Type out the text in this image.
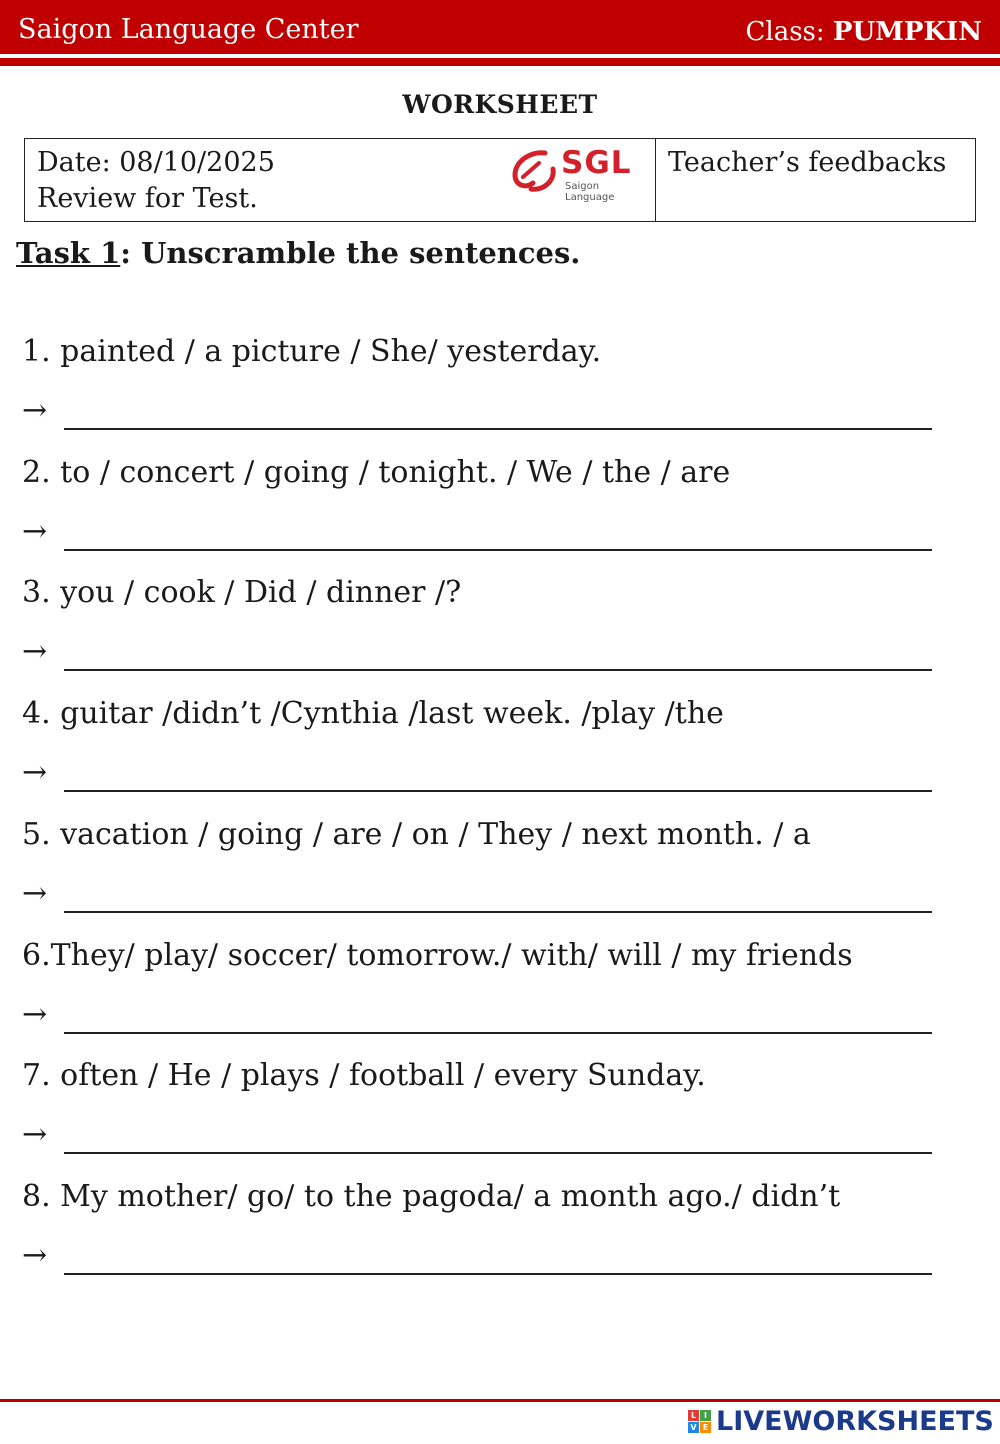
Saigon Language Center	Class: PUMPKIN
WORKSHEET
Date: 08/10/2025
Review for Test.
SGL
Saigon Language
Teacher’s feedbacks
Task 1: Unscramble the sentences.
1. painted / a picture / She/ yesterday.
→
2. to / concert / going / tonight. / We / the / are
→
3. you / cook / Did / dinner /?
→
4. guitar /didn’t /Cynthia /last week. /play /the
→
5. vacation / going / are / on / They / next month. / a
→
6.They/ play/ soccer/ tomorrow./ with/ will / my friends
→
7. often / He / plays / football / every Sunday.
→
8. My mother/ go/ to the pagoda/ a month ago./ didn’t
→
L I
V E LIVEWORKSHEETS
